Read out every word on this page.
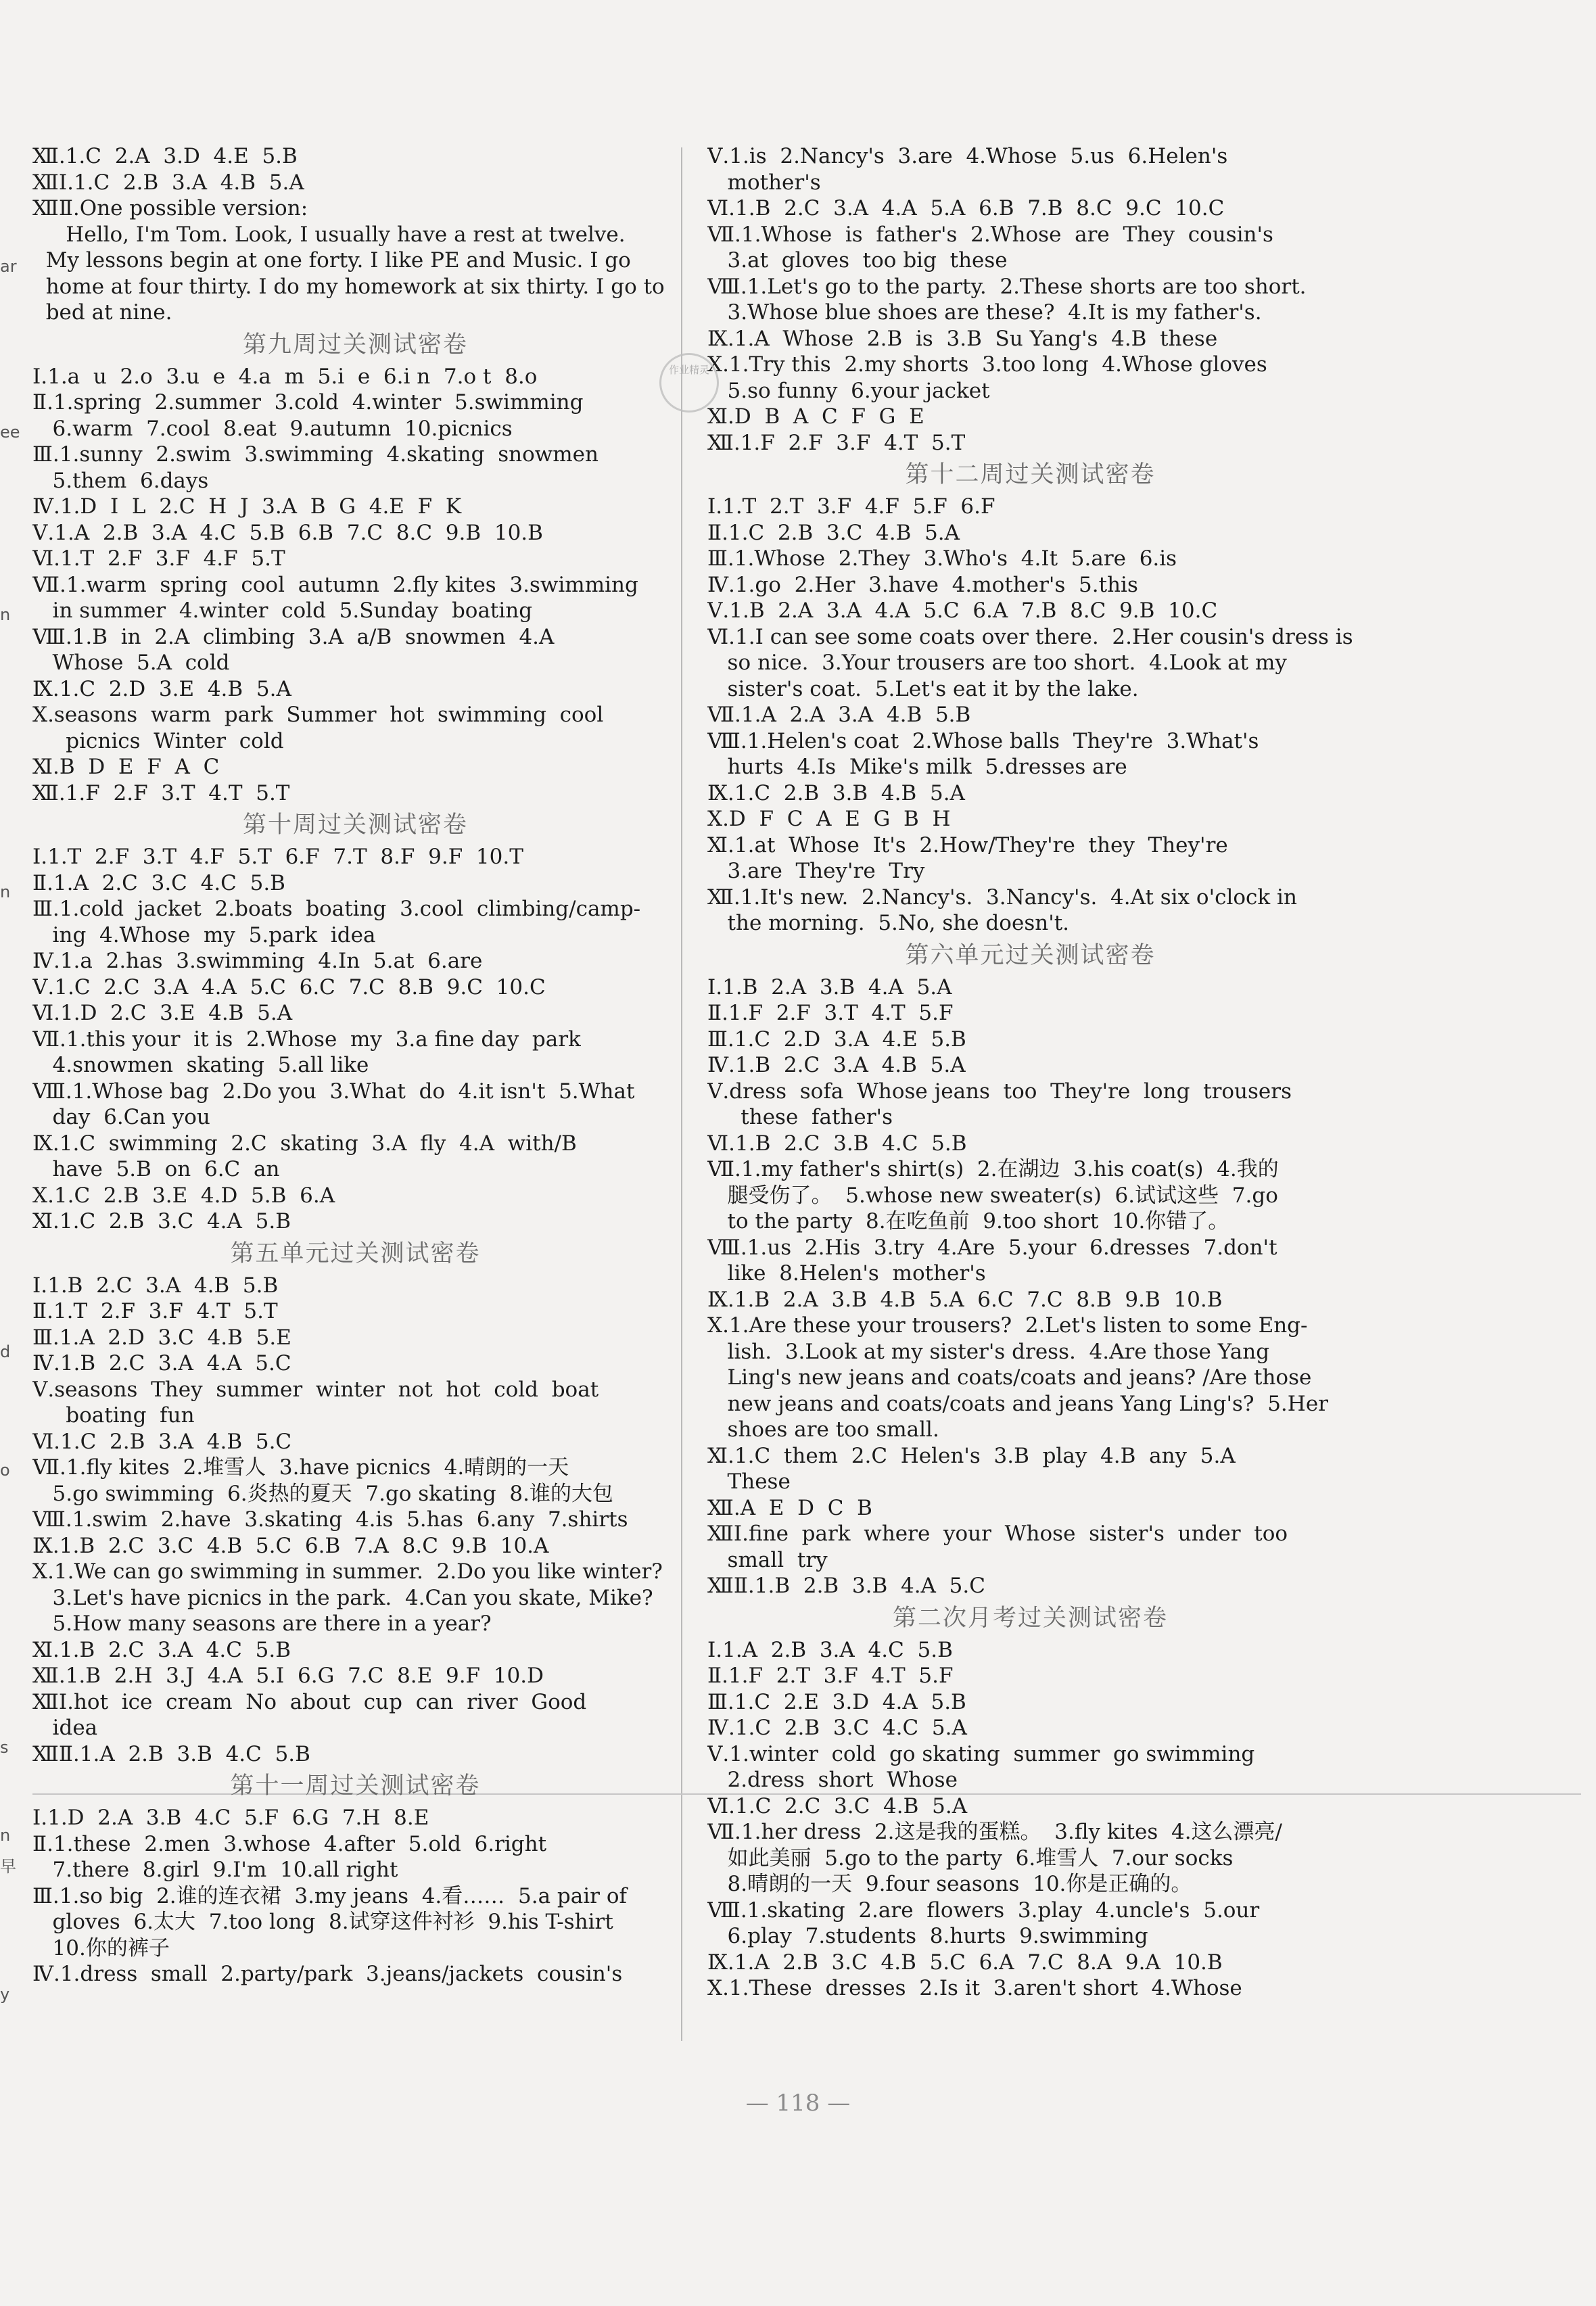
Ⅻ.1.C  2.A  3.D  4.E  5.B
ⅫⅠ.1.C  2.B  3.A  4.B  5.A
ⅫⅡ.One possible version:
Hello, I'm Tom. Look, I usually have a rest at twelve.
My lessons begin at one forty. I like PE and Music. I go
home at four thirty. I do my homework at six thirty. I go to
bed at nine.
第九周过关测试密卷
Ⅰ.1.a  u  2.o  3.u  e  4.a  m  5.i  e  6.i n  7.o t  8.o
Ⅱ.1.spring  2.summer  3.cold  4.winter  5.swimming
6.warm  7.cool  8.eat  9.autumn  10.picnics
Ⅲ.1.sunny  2.swim  3.swimming  4.skating  snowmen
5.them  6.days
Ⅳ.1.D  I  L  2.C  H  J  3.A  B  G  4.E  F  K
Ⅴ.1.A  2.B  3.A  4.C  5.B  6.B  7.C  8.C  9.B  10.B
Ⅵ.1.T  2.F  3.F  4.F  5.T
Ⅶ.1.warm  spring  cool  autumn  2.fly kites  3.swimming
in summer  4.winter  cold  5.Sunday  boating
Ⅷ.1.B  in  2.A  climbing  3.A  a/B  snowmen  4.A
Whose  5.A  cold
Ⅸ.1.C  2.D  3.E  4.B  5.A
Ⅹ.seasons  warm  park  Summer  hot  swimming  cool
picnics  Winter  cold
Ⅺ.B  D  E  F  A  C
Ⅻ.1.F  2.F  3.T  4.T  5.T
第十周过关测试密卷
Ⅰ.1.T  2.F  3.T  4.F  5.T  6.F  7.T  8.F  9.F  10.T
Ⅱ.1.A  2.C  3.C  4.C  5.B
Ⅲ.1.cold  jacket  2.boats  boating  3.cool  climbing/camp-
ing  4.Whose  my  5.park  idea
Ⅳ.1.a  2.has  3.swimming  4.In  5.at  6.are
Ⅴ.1.C  2.C  3.A  4.A  5.C  6.C  7.C  8.B  9.C  10.C
Ⅵ.1.D  2.C  3.E  4.B  5.A
Ⅶ.1.this your  it is  2.Whose  my  3.a fine day  park
4.snowmen  skating  5.all like
Ⅷ.1.Whose bag  2.Do you  3.What  do  4.it isn't  5.What
day  6.Can you
Ⅸ.1.C  swimming  2.C  skating  3.A  fly  4.A  with/B
have  5.B  on  6.C  an
Ⅹ.1.C  2.B  3.E  4.D  5.B  6.A
Ⅺ.1.C  2.B  3.C  4.A  5.B
第五单元过关测试密卷
Ⅰ.1.B  2.C  3.A  4.B  5.B
Ⅱ.1.T  2.F  3.F  4.T  5.T
Ⅲ.1.A  2.D  3.C  4.B  5.E
Ⅳ.1.B  2.C  3.A  4.A  5.C
Ⅴ.seasons  They  summer  winter  not  hot  cold  boat
boating  fun
Ⅵ.1.C  2.B  3.A  4.B  5.C
Ⅶ.1.fly kites  2.堆雪人  3.have picnics  4.晴朗的一天
5.go swimming  6.炎热的夏天  7.go skating  8.谁的大包
Ⅷ.1.swim  2.have  3.skating  4.is  5.has  6.any  7.shirts
Ⅸ.1.B  2.C  3.C  4.B  5.C  6.B  7.A  8.C  9.B  10.A
Ⅹ.1.We can go swimming in summer.  2.Do you like winter?
3.Let's have picnics in the park.  4.Can you skate, Mike?
5.How many seasons are there in a year?
Ⅺ.1.B  2.C  3.A  4.C  5.B
Ⅻ.1.B  2.H  3.J  4.A  5.I  6.G  7.C  8.E  9.F  10.D
ⅫⅠ.hot  ice  cream  No  about  cup  can  river  Good
idea
ⅫⅡ.1.A  2.B  3.B  4.C  5.B
第十一周过关测试密卷
Ⅰ.1.D  2.A  3.B  4.C  5.F  6.G  7.H  8.E
Ⅱ.1.these  2.men  3.whose  4.after  5.old  6.right
7.there  8.girl  9.I'm  10.all right
Ⅲ.1.so big  2.谁的连衣裙  3.my jeans  4.看……  5.a pair of
gloves  6.太大  7.too long  8.试穿这件衬衫  9.his T-shirt
10.你的裤子
Ⅳ.1.dress  small  2.party/park  3.jeans/jackets  cousin's
Ⅴ.1.is  2.Nancy's  3.are  4.Whose  5.us  6.Helen's
mother's
Ⅵ.1.B  2.C  3.A  4.A  5.A  6.B  7.B  8.C  9.C  10.C
Ⅶ.1.Whose  is  father's  2.Whose  are  They  cousin's
3.at  gloves  too big  these
Ⅷ.1.Let's go to the party.  2.These shorts are too short.
3.Whose blue shoes are these?  4.It is my father's.
Ⅸ.1.A  Whose  2.B  is  3.B  Su Yang's  4.B  these
Ⅹ.1.Try this  2.my shorts  3.too long  4.Whose gloves
5.so funny  6.your jacket
Ⅺ.D  B  A  C  F  G  E
Ⅻ.1.F  2.F  3.F  4.T  5.T
第十二周过关测试密卷
Ⅰ.1.T  2.T  3.F  4.F  5.F  6.F
Ⅱ.1.C  2.B  3.C  4.B  5.A
Ⅲ.1.Whose  2.They  3.Who's  4.It  5.are  6.is
Ⅳ.1.go  2.Her  3.have  4.mother's  5.this
Ⅴ.1.B  2.A  3.A  4.A  5.C  6.A  7.B  8.C  9.B  10.C
Ⅵ.1.I can see some coats over there.  2.Her cousin's dress is
so nice.  3.Your trousers are too short.  4.Look at my
sister's coat.  5.Let's eat it by the lake.
Ⅶ.1.A  2.A  3.A  4.B  5.B
Ⅷ.1.Helen's coat  2.Whose balls  They're  3.What's
hurts  4.Is  Mike's milk  5.dresses are
Ⅸ.1.C  2.B  3.B  4.B  5.A
Ⅹ.D  F  C  A  E  G  B  H
Ⅺ.1.at  Whose  It's  2.How/They're  they  They're
3.are  They're  Try
Ⅻ.1.It's new.  2.Nancy's.  3.Nancy's.  4.At six o'clock in
the morning.  5.No, she doesn't.
第六单元过关测试密卷
Ⅰ.1.B  2.A  3.B  4.A  5.A
Ⅱ.1.F  2.F  3.T  4.T  5.F
Ⅲ.1.C  2.D  3.A  4.E  5.B
Ⅳ.1.B  2.C  3.A  4.B  5.A
Ⅴ.dress  sofa  Whose jeans  too  They're  long  trousers
these  father's
Ⅵ.1.B  2.C  3.B  4.C  5.B
Ⅶ.1.my father's shirt(s)  2.在湖边  3.his coat(s)  4.我的
腿受伤了。  5.whose new sweater(s)  6.试试这些  7.go
to the party  8.在吃鱼前  9.too short  10.你错了。
Ⅷ.1.us  2.His  3.try  4.Are  5.your  6.dresses  7.don't
like  8.Helen's  mother's
Ⅸ.1.B  2.A  3.B  4.B  5.A  6.C  7.C  8.B  9.B  10.B
Ⅹ.1.Are these your trousers?  2.Let's listen to some Eng-
lish.  3.Look at my sister's dress.  4.Are those Yang
Ling's new jeans and coats/coats and jeans? /Are those
new jeans and coats/coats and jeans Yang Ling's?  5.Her
shoes are too small.
Ⅺ.1.C  them  2.C  Helen's  3.B  play  4.B  any  5.A
These
Ⅻ.A  E  D  C  B
ⅫⅠ.fine  park  where  your  Whose  sister's  under  too
small  try
ⅫⅡ.1.B  2.B  3.B  4.A  5.C
第二次月考过关测试密卷
Ⅰ.1.A  2.B  3.A  4.C  5.B
Ⅱ.1.F  2.T  3.F  4.T  5.F
Ⅲ.1.C  2.E  3.D  4.A  5.B
Ⅳ.1.C  2.B  3.C  4.C  5.A
Ⅴ.1.winter  cold  go skating  summer  go swimming
2.dress  short  Whose
Ⅵ.1.C  2.C  3.C  4.B  5.A
Ⅶ.1.her dress  2.这是我的蛋糕。  3.fly kites  4.这么漂亮/
如此美丽  5.go to the party  6.堆雪人  7.our socks
8.晴朗的一天  9.four seasons  10.你是正确的。
Ⅷ.1.skating  2.are  flowers  3.play  4.uncle's  5.our
6.play  7.students  8.hurts  9.swimming
Ⅸ.1.A  2.B  3.C  4.B  5.C  6.A  7.C  8.A  9.A  10.B
Ⅹ.1.These  dresses  2.Is it  3.aren't short  4.Whose
作业精灵
— 118 —
ar
ee
n
n
d
o
s
n
早
y
